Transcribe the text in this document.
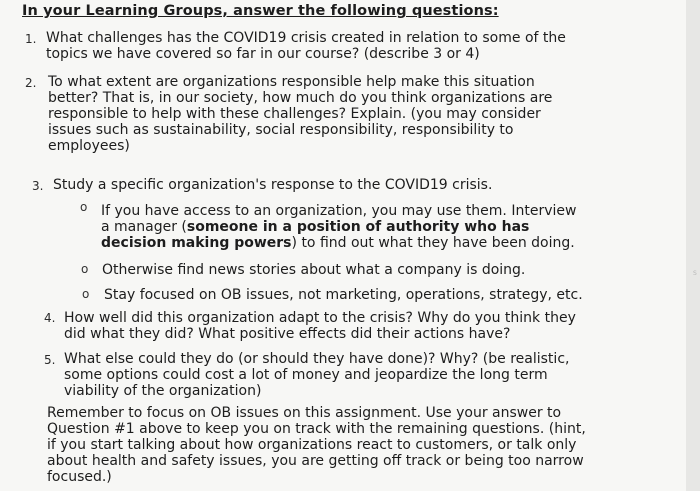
In your Learning Groups, answer the following questions:
1. What challenges has the COVID19 crisis created in relation to some of the
topics we have covered so far in our course? (describe 3 or 4)
2. To what extent are organizations responsible help make this situation
better? That is, in our society, how much do you think organizations are
responsible to help with these challenges? Explain. (you may consider
issues such as sustainability, social responsibility, responsibility to
employees)
3. Study a specific organization's response to the COVID19 crisis.
o If you have access to an organization, you may use them. Interview
a manager (someone in a position of authority who has
decision making powers) to find out what they have been doing.
o Otherwise find news stories about what a company is doing.
o Stay focused on OB issues, not marketing, operations, strategy, etc.
4. How well did this organization adapt to the crisis? Why do you think they
did what they did? What positive effects did their actions have?
5. What else could they do (or should they have done)? Why? (be realistic,
some options could cost a lot of money and jeopardize the long term
viability of the organization)
Remember to focus on OB issues on this assignment. Use your answer to
Question #1 above to keep you on track with the remaining questions. (hint,
if you start talking about how organizations react to customers, or talk only
about health and safety issues, you are getting off track or being too narrow
focused.)
S
